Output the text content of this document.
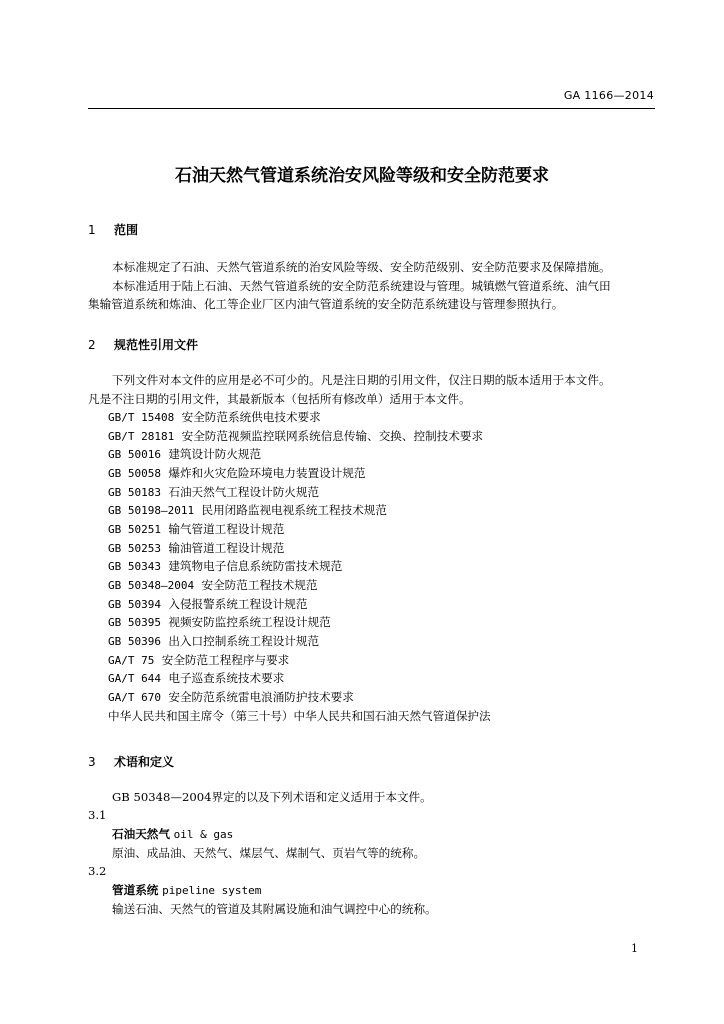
GA 1166—2014
石油天然气管道系统治安风险等级和安全防范要求
1 范围
本标准规定了石油、天然气管道系统的治安风险等级、安全防范级别、安全防范要求及保障措施。
本标准适用于陆上石油、天然气管道系统的安全防范系统建设与管理。城镇燃气管道系统、油气田
集输管道系统和炼油、化工等企业厂区内油气管道系统的安全防范系统建设与管理参照执行。
2 规范性引用文件
下列文件对本文件的应用是必不可少的。凡是注日期的引用文件，仅注日期的版本适用于本文件。
凡是不注日期的引用文件，其最新版本（包括所有修改单）适用于本文件。
GB/T 15408 安全防范系统供电技术要求
GB/T 28181 安全防范视频监控联网系统信息传输、交换、控制技术要求
GB 50016 建筑设计防火规范
GB 50058 爆炸和火灾危险环境电力装置设计规范
GB 50183 石油天然气工程设计防火规范
GB 50198—2011 民用闭路监视电视系统工程技术规范
GB 50251 输气管道工程设计规范
GB 50253 输油管道工程设计规范
GB 50343 建筑物电子信息系统防雷技术规范
GB 50348—2004 安全防范工程技术规范
GB 50394 入侵报警系统工程设计规范
GB 50395 视频安防监控系统工程设计规范
GB 50396 出入口控制系统工程设计规范
GA/T 75 安全防范工程程序与要求
GA/T 644 电子巡查系统技术要求
GA/T 670 安全防范系统雷电浪涌防护技术要求
中华人民共和国主席令（第三十号）中华人民共和国石油天然气管道保护法
3 术语和定义
GB 50348—2004界定的以及下列术语和定义适用于本文件。
3.1
石油天然气 oil & gas
原油、成品油、天然气、煤层气、煤制气、页岩气等的统称。
3.2
管道系统 pipeline system
输送石油、天然气的管道及其附属设施和油气调控中心的统称。
1
